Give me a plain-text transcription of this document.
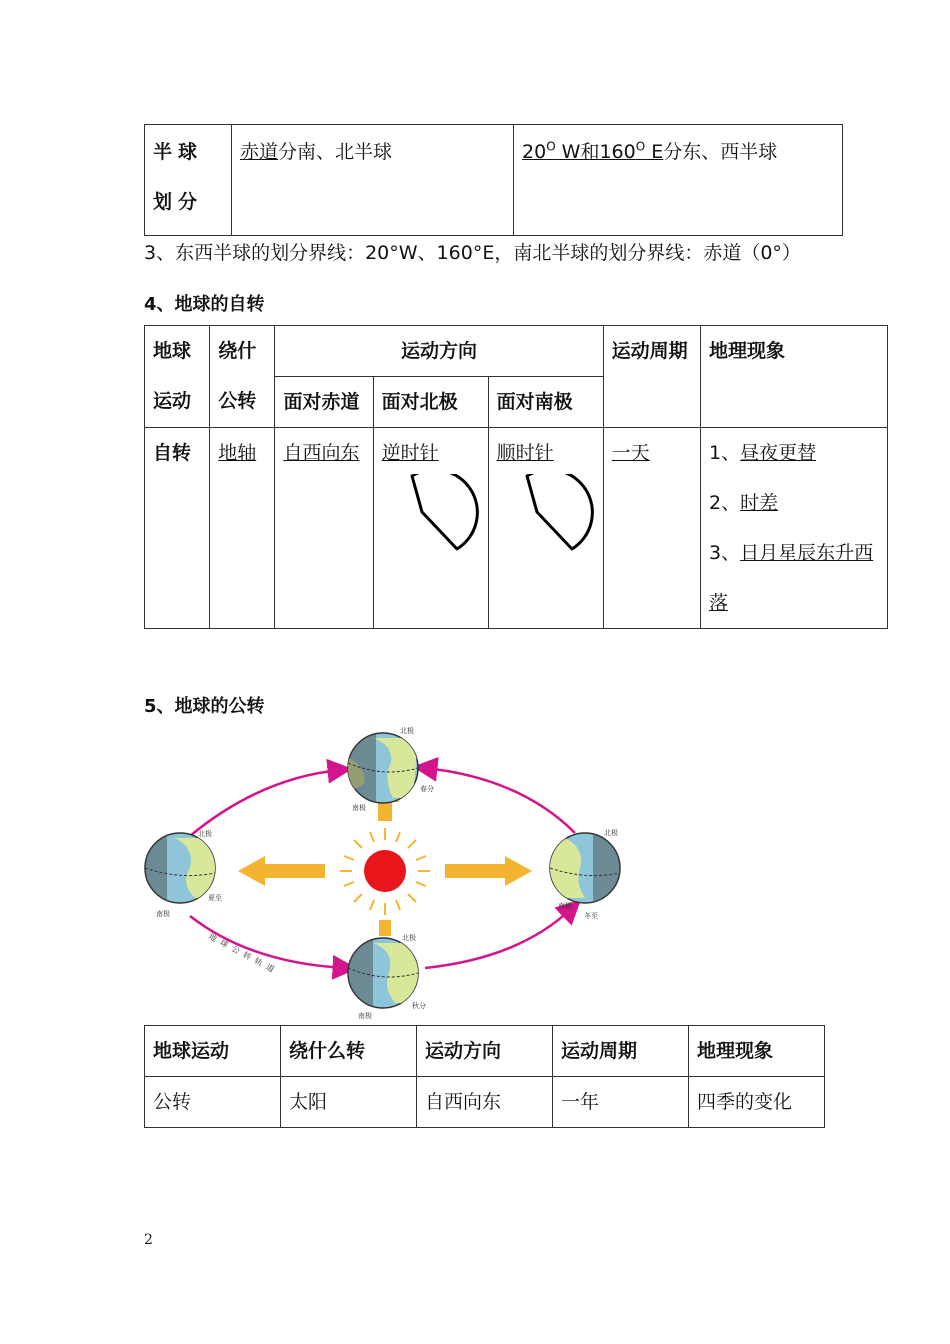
半球划分	赤道分南、北半球	$20^O$ W和$160^O$ E分东、西半球
3、东西半球的划分界线：20°W、160°E，南北半球的划分界线：赤道（0°）
4、地球的自转
地球运动	绕什公转	运动方向			运动周期	地理现象
		面对赤道	面对北极	面对南极		
自转	地轴	自西向东	逆时针	顺时针	一天	1、昼夜更替
2、时差
3、日月星辰东升西落
5、地球的公转
北极
南极
春分
北极
南极
夏至
北极
南极
冬至
北极
南极
秋分
地球公转轨道
地球运动	绕什么转	运动方向	运动周期	地理现象
公转	太阳	自西向东	一年	四季的变化
2
